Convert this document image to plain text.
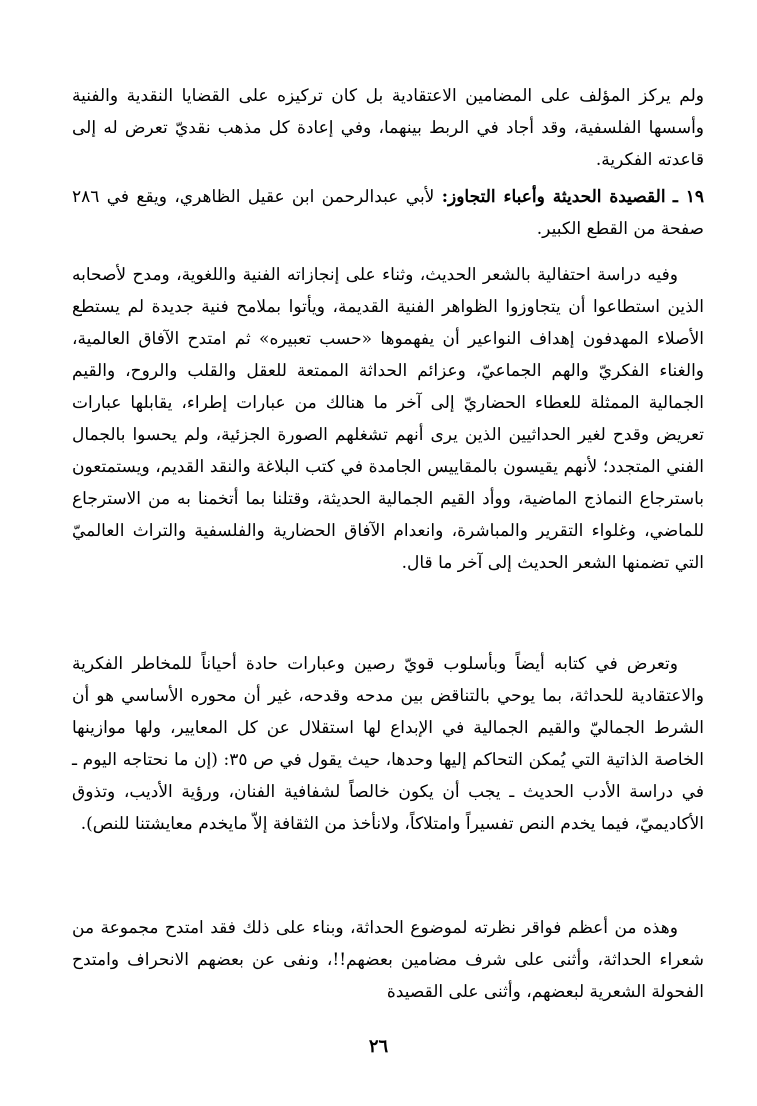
ولم يركز المؤلف على المضامين الاعتقادية بل كان تركيزه على القضايا النقدية والفنية وأسسها الفلسفية، وقد أجاد في الربط بينهما، وفي إعادة كل مذهب نقديّ تعرض له إلى قاعدته الفكرية.

١٩ ـ القصيدة الحديثة وأعباء التجاوز: لأبي عبدالرحمن ابن عقيل الظاهري، ويقع في ٢٨٦ صفحة من القطع الكبير.

وفيه دراسة احتفالية بالشعر الحديث، وثناء على إنجازاته الفنية واللغوية، ومدح لأصحابه الذين استطاعوا أن يتجاوزوا الظواهر الفنية القديمة، ويأتوا بملامح فنية جديدة لم يستطع الأصلاء المهدفون إهداف النواعير أن يفهموها «حسب تعبيره» ثم امتدح الآفاق العالمية، والغناء الفكريّ والهم الجماعيّ، وعزائم الحداثة الممتعة للعقل والقلب والروح، والقيم الجمالية الممثلة للعطاء الحضاريّ إلى آخر ما هنالك من عبارات إطراء، يقابلها عبارات تعريض وقدح لغير الحداثيين الذين يرى أنهم تشغلهم الصورة الجزئية، ولم يحسوا بالجمال الفني المتجدد؛ لأنهم يقيسون بالمقاييس الجامدة في كتب البلاغة والنقد القديم، ويستمتعون باسترجاع النماذج الماضية، ووأد القيم الجمالية الحديثة، وقتلنا بما أتخمنا به من الاسترجاع للماضي، وغلواء التقرير والمباشرة، وانعدام الآفاق الحضارية والفلسفية والتراث العالميّ التي تضمنها الشعر الحديث إلى آخر ما قال.

وتعرض في كتابه أيضاً وبأسلوب قويّ رصين وعبارات حادة أحياناً للمخاطر الفكرية والاعتقادية للحداثة، بما يوحي بالتناقض بين مدحه وقدحه، غير أن محوره الأساسي هو أن الشرط الجماليّ والقيم الجمالية في الإبداع لها استقلال عن كل المعايير، ولها موازينها الخاصة الذاتية التي يُمكن التحاكم إليها وحدها، حيث يقول في ص ٣٥: (إن ما نحتاجه اليوم ـ في دراسة الأدب الحديث ـ يجب أن يكون خالصاً لشفافية الفنان، ورؤية الأديب، وتذوق الأكاديميّ، فيما يخدم النص تفسيراً وامتلاكاً، ولانأخذ من الثقافة إلاّ مايخدم معايشتنا للنص).

وهذه من أعظم فواقر نظرته لموضوع الحداثة، وبناء على ذلك فقد امتدح مجموعة من شعراء الحداثة، وأثنى على شرف مضامين بعضهم!!، ونفى عن بعضهم الانحراف وامتدح الفحولة الشعرية لبعضهم، وأثنى على القصيدة

٢٦
